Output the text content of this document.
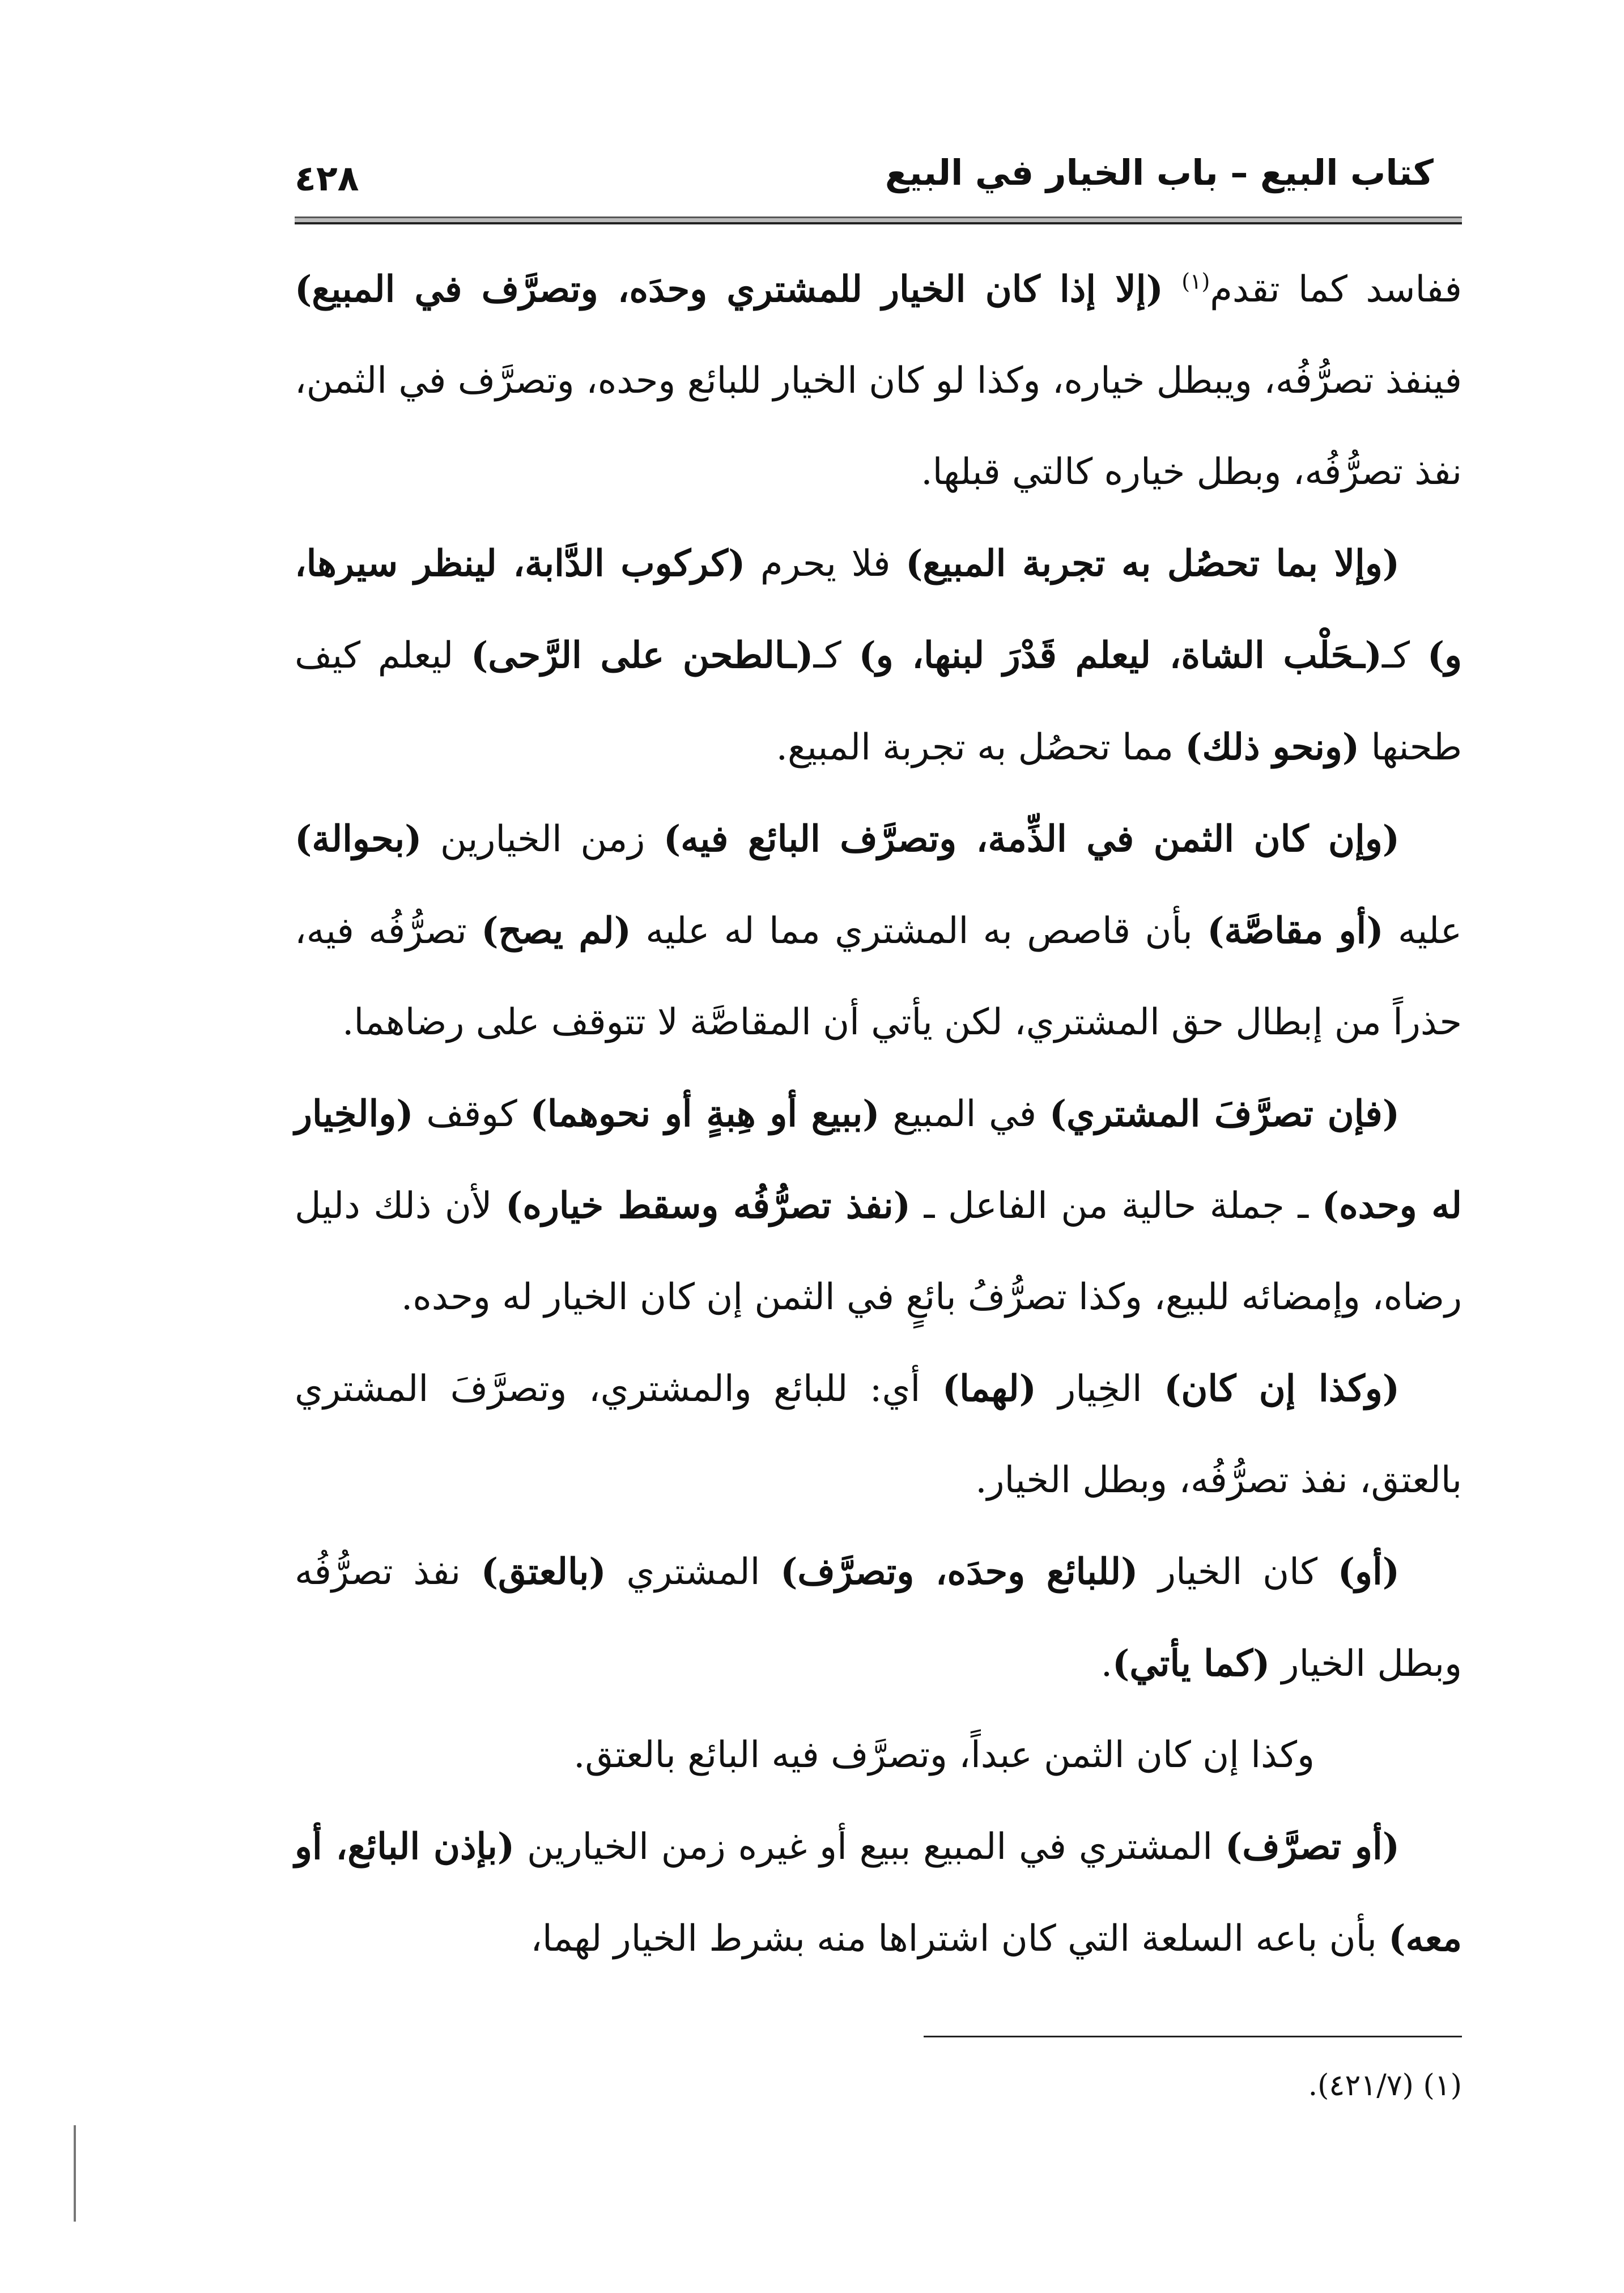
كتاب البيع – باب الخيار في البيع
٤٢٨

ففاسد كما تقدم$^{(١)}$ (إلا إذا كان الخيار للمشتري وحدَه، وتصرَّف في المبيع) فينفذ تصرُّفُه، ويبطل خياره، وكذا لو كان الخيار للبائع وحده، وتصرَّف في الثمن، نفذ تصرُّفُه، وبطل خياره كالتي قبلها.

(وإلا بما تحصُل به تجربة المبيع) فلا يحرم (كركوب الدَّابة، لينظر سيرها، و) كـ(ـحَلْب الشاة، ليعلم قَدْرَ لبنها، و) كـ(ـالطحن على الرَّحى) ليعلم كيف طحنها (ونحو ذلك) مما تحصُل به تجربة المبيع.

(وإن كان الثمن في الذِّمة، وتصرَّف البائع فيه) زمن الخيارين (بحوالة) عليه (أو مقاصَّة) بأن قاصص به المشتري مما له عليه (لم يصح) تصرُّفُه فيه، حذراً من إبطال حق المشتري، لكن يأتي أن المقاصَّة لا تتوقف على رضاهما.

(فإن تصرَّفَ المشتري) في المبيع (ببيع أو هِبةٍ أو نحوهما) كوقف (والخِيار له وحده) ـ جملة حالية من الفاعل ـ (نفذ تصرُّفُه وسقط خياره) لأن ذلك دليل رضاه، وإمضائه للبيع، وكذا تصرُّفُ بائعٍ في الثمن إن كان الخيار له وحده.

(وكذا إن كان) الخِيار (لهما) أي: للبائع والمشتري، وتصرَّفَ المشتري بالعتق، نفذ تصرُّفُه، وبطل الخيار.

(أو) كان الخيار (للبائع وحدَه، وتصرَّف) المشتري (بالعتق) نفذ تصرُّفُه وبطل الخيار (كما يأتي).

وكذا إن كان الثمن عبداً، وتصرَّف فيه البائع بالعتق.

(أو تصرَّف) المشتري في المبيع ببيع أو غيره زمن الخيارين (بإذن البائع، أو معه) بأن باعه السلعة التي كان اشتراها منه بشرط الخيار لهما،

(١) (٤٢١/٧).
